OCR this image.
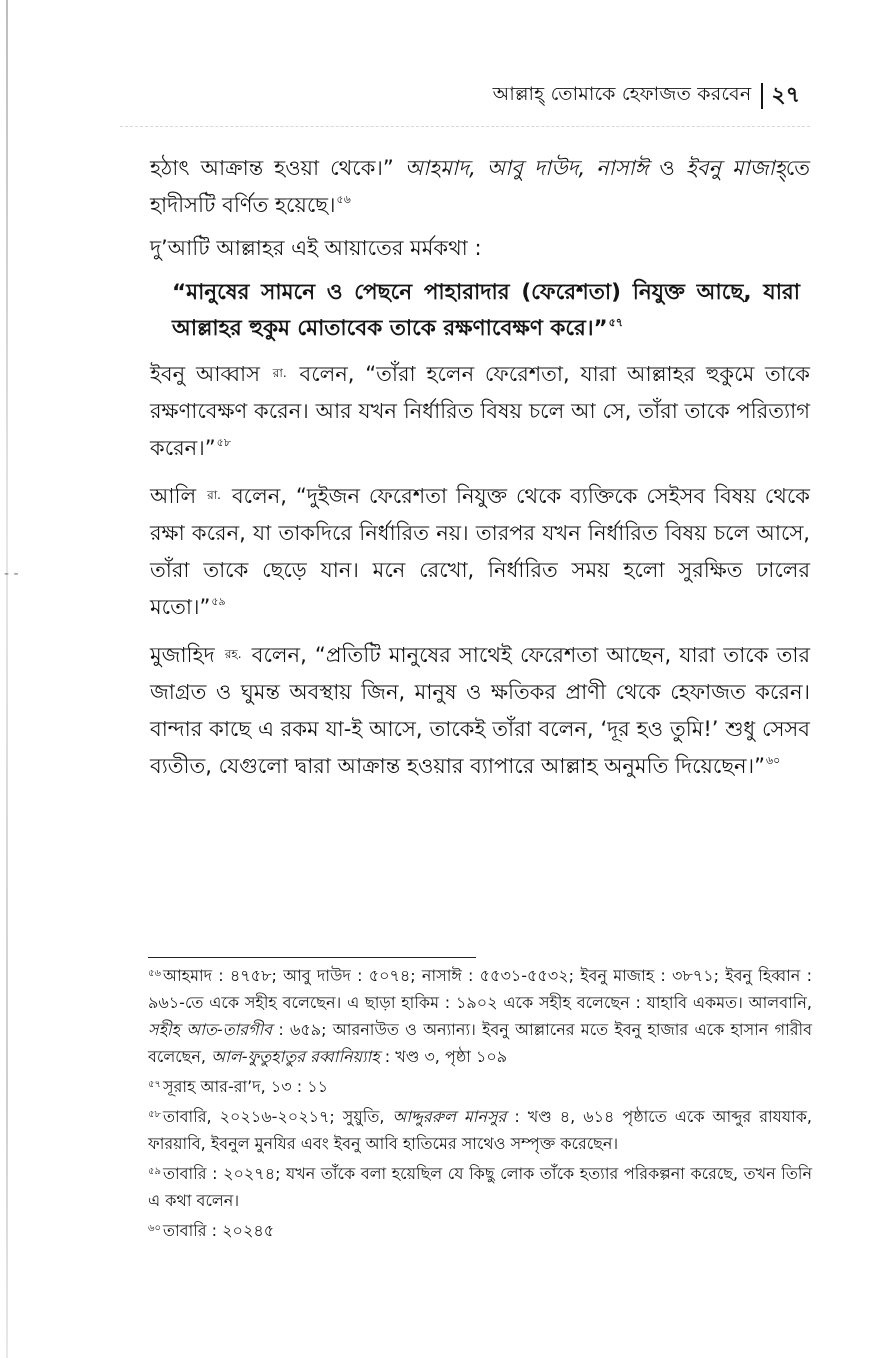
- -
আল্লাহ্‌ তোমাকে হেফাজত করবেন ২৭

হঠাৎ আক্রান্ত হওয়া থেকে।” আহমাদ, আবু দাউদ, নাসাঈ ও ইবনু মাজাহ্‌তে হাদীসটি বর্ণিত হয়েছে।$^{৫৬}$

দু’আটি আল্লাহর এই আয়াতের মর্মকথা :

“মানুষের সামনে ও পেছনে পাহারাদার (ফেরেশতা) নিযুক্ত আছে, যারা আল্লাহর হুকুম মোতাবেক তাকে রক্ষণাবেক্ষণ করে।”$^{৫৭}$

ইবনু আব্বাস রা. বলেন, “তাঁরা হলেন ফেরেশতা, যারা আল্লাহর হুকুমে তাকে রক্ষণাবেক্ষণ করেন। আর যখন নির্ধারিত বিষয় চলে আ সে, তাঁরা তাকে পরিত্যাগ করেন।”$^{৫৮}$

আলি রা. বলেন, “দুইজন ফেরেশতা নিযুক্ত থেকে ব্যক্তিকে সেইসব বিষয় থেকে রক্ষা করেন, যা তাকদিরে নির্ধারিত নয়। তারপর যখন নির্ধারিত বিষয় চলে আসে, তাঁরা তাকে ছেড়ে যান। মনে রেখো, নির্ধারিত সময় হলো সুরক্ষিত ঢালের মতো।”$^{৫৯}$

মুজাহিদ রহ. বলেন, “প্রতিটি মানুষের সাথেই ফেরেশতা আছেন, যারা তাকে তার জাগ্রত ও ঘুমন্ত অবস্থায় জিন, মানুষ ও ক্ষতিকর প্রাণী থেকে হেফাজত করেন। বান্দার কাছে এ রকম যা-ই আসে, তাকেই তাঁরা বলেন, ‘দূর হও তুমি!’ শুধু সেসব ব্যতীত, যেগুলো দ্বারা আক্রান্ত হওয়ার ব্যাপারে আল্লাহ অনুমতি দিয়েছেন।”$^{৬০}$

$^{৫৬}$ আহমাদ : ৪৭৫৮; আবু দাউদ : ৫০৭৪; নাসাঈ : ৫৫৩১-৫৫৩২; ইবনু মাজাহ : ৩৮৭১; ইবনু হিব্বান : ৯৬১-তে একে সহীহ বলেছেন। এ ছাড়া হাকিম : ১৯০২ একে সহীহ বলেছেন : যাহাবি একমত। আলবানি, সহীহ আত-তারগীব : ৬৫৯; আরনাউত ও অন্যান্য। ইবনু আল্লানের মতে ইবনু হাজার একে হাসান গারীব বলেছেন, আল-ফুতুহাতুর রব্বানিয়্যাহ : খণ্ড ৩, পৃষ্ঠা ১০৯

$^{৫৭}$ সূরাহ আর-রা’দ, ১৩ : ১১

$^{৫৮}$ তাবারি, ২০২১৬-২০২১৭; সুয়ুতি, আদ্দুররুল মানসুর : খণ্ড ৪, ৬১৪ পৃষ্ঠাতে একে আব্দুর রাযযাক, ফারয়াবি, ইবনুল মুনযির এবং ইবনু আবি হাতিমের সাথেও সম্পৃক্ত করেছেন।

$^{৫৯}$ তাবারি : ২০২৭৪; যখন তাঁকে বলা হয়েছিল যে কিছু লোক তাঁকে হত্যার পরিকল্পনা করেছে, তখন তিনি এ কথা বলেন।

$^{৬০}$ তাবারি : ২০২৪৫
